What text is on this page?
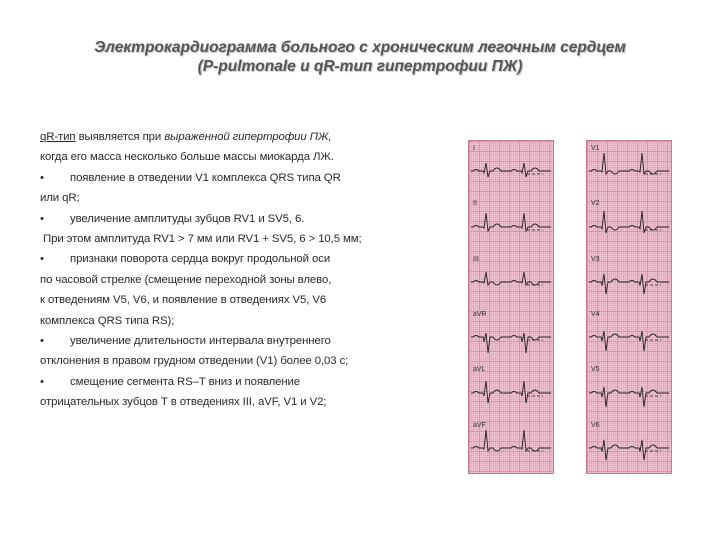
Электрокардиограмма больного с хроническим легочным сердцем
(P-pulmonale и qR-тип гипертрофии ПЖ)
qR-тип выявляется при выраженной гипертрофии ПЖ,
когда его масса несколько больше массы миокарда ЛЖ.
• появление в отведении V1 комплекса QRS типа QR
или qR;
• увеличение амплитуды зубцов RV1 и SV5, 6.
При этом амплитуда RV1 > 7 мм или RV1 + SV5, 6 > 10,5 мм;
• признаки поворота сердца вокруг продольной оси
по часовой стрелке (смещение переходной зоны влево,
к отведениям V5, V6, и появление в отведениях V5, V6
комплекса QRS типа RS);
• увеличение длительности интервала внутреннего
отклонения в правом грудном отведении (V1) более 0,03 с;
• смещение сегмента RS–T вниз и появление
отрицательных зубцов Т в отведениях III, aVF, V1 и V2;
I
II
III
aVR
aVL
aVF
V1
V2
V3
V4
V5
V6
